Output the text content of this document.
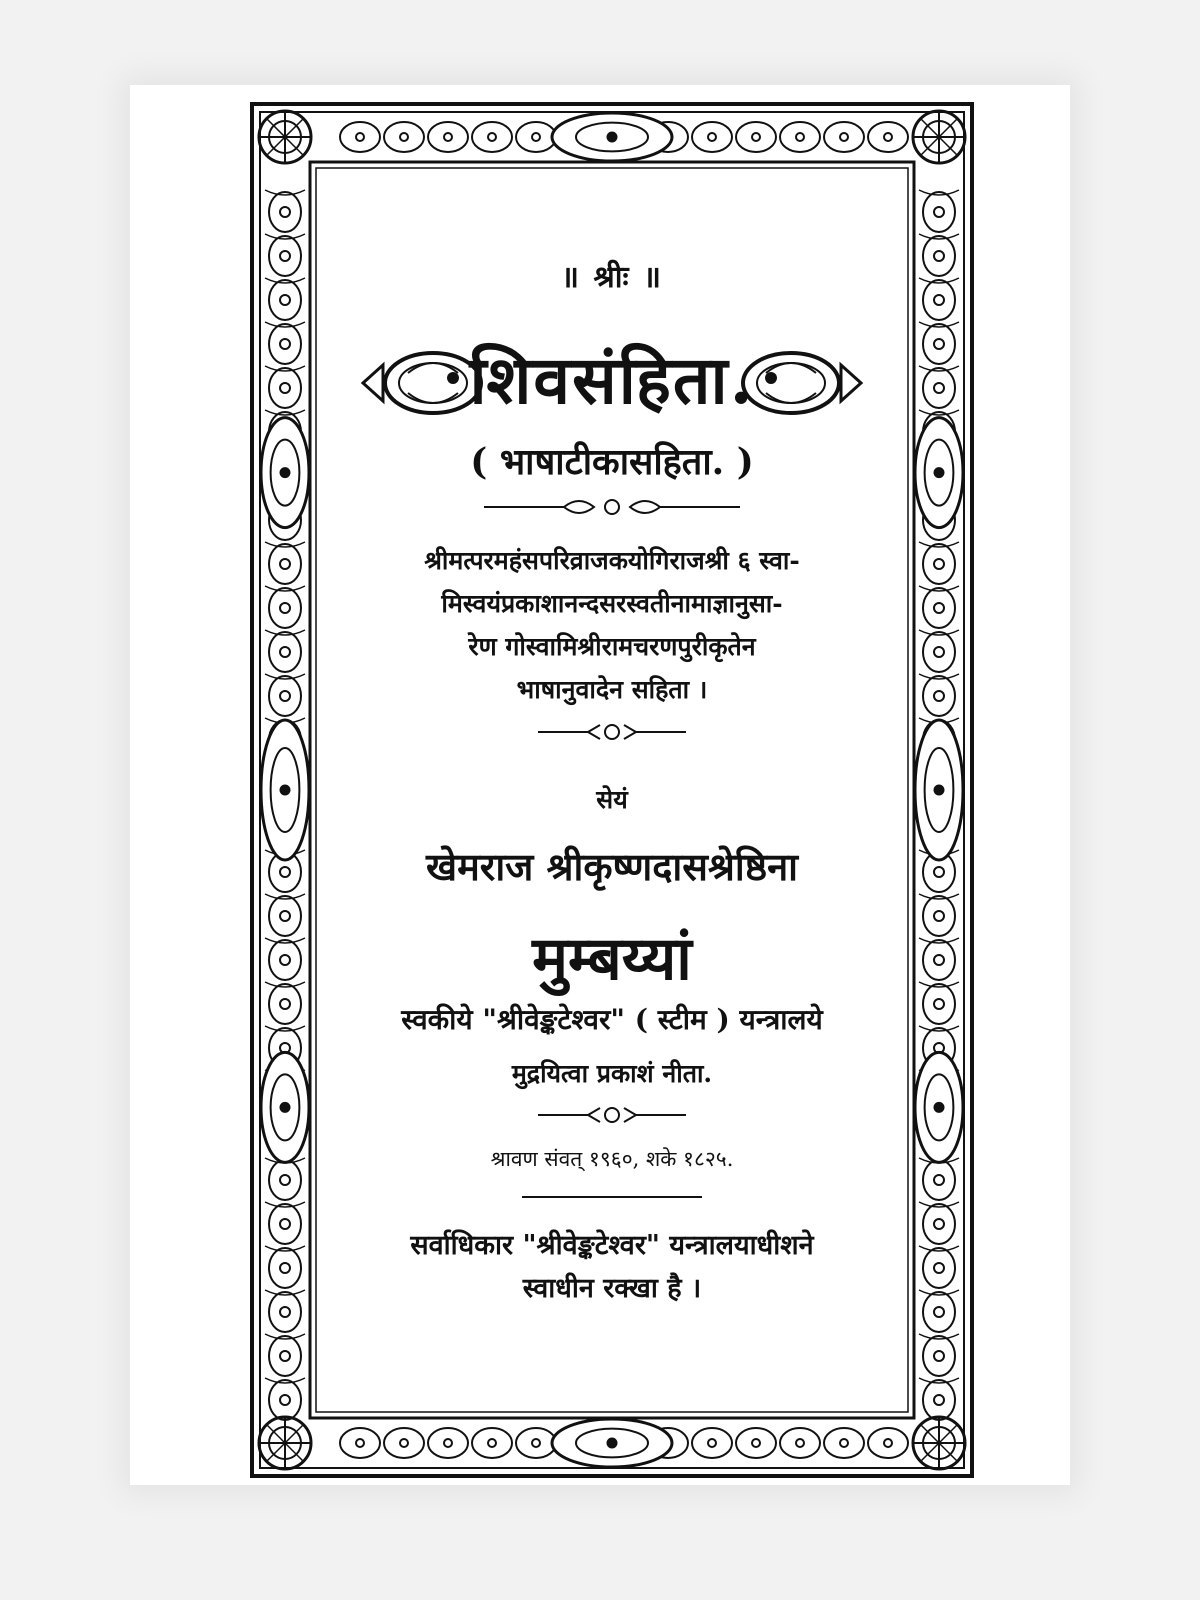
॥ श्रीः ॥
शिवसंहिता.
( भाषाटीकासहिता. )
श्रीमत्परमहंसपरिव्राजकयोगिराजश्री ६ स्वा-
मिस्वयंप्रकाशानन्दसरस्वतीनामाज्ञानुसा-
रेण गोस्वामिश्रीरामचरणपुरीकृतेन
भाषानुवादेन सहिता ।
सेयं
खेमराज श्रीकृष्णदासश्रेष्ठिना
मुम्बय्यां
स्वकीये "श्रीवेङ्कटेश्वर" ( स्टीम ) यन्त्रालये
मुद्रयित्वा प्रकाशं नीता.
श्रावण संवत् १९६०, शके १८२५.
सर्वाधिकार "श्रीवेङ्कटेश्वर" यन्त्रालयाधीशने
स्वाधीन रक्खा है ।
